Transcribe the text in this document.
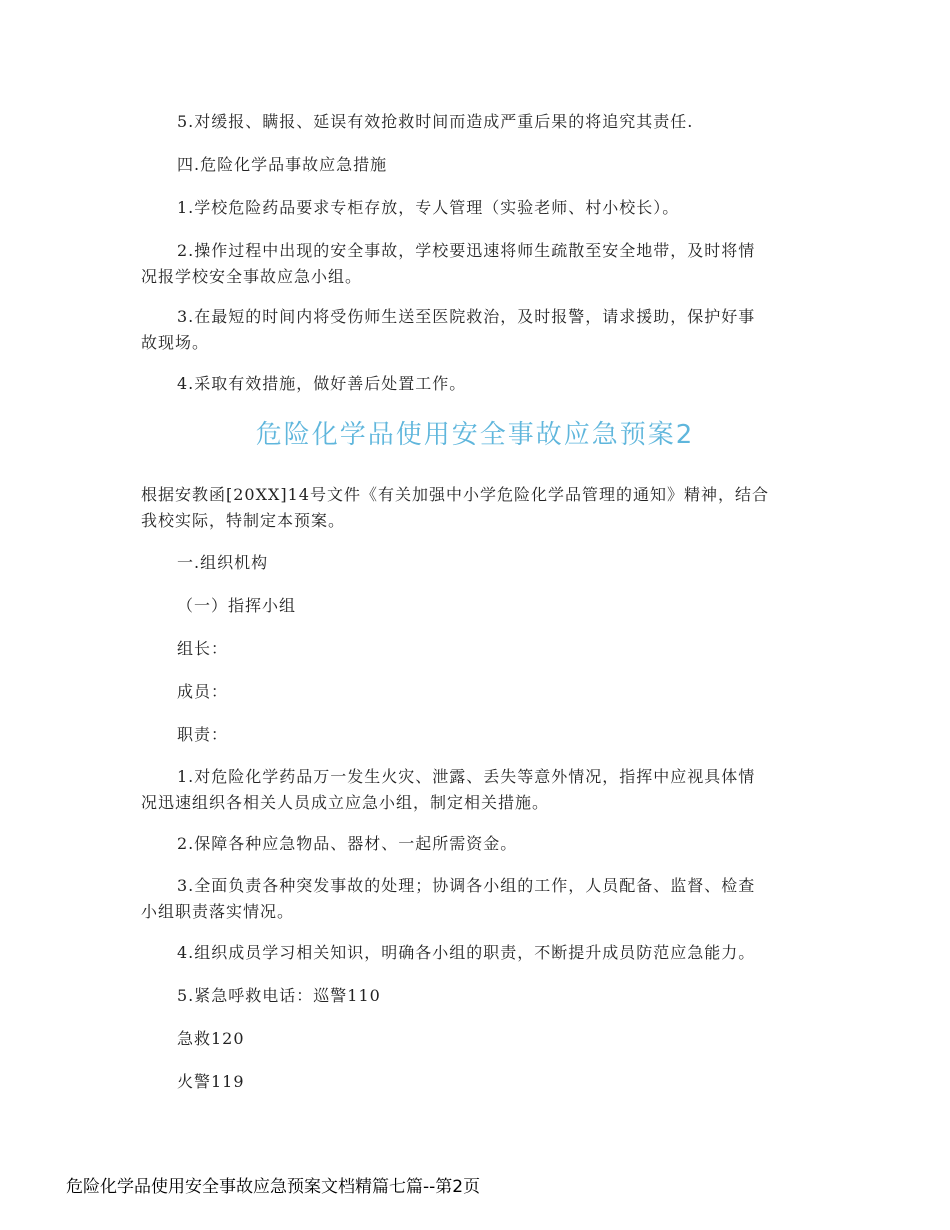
5.对缓报、瞒报、延误有效抢救时间而造成严重后果的将追究其责任.
四.危险化学品事故应急措施
1.学校危险药品要求专柜存放，专人管理（实验老师、村小校长）。
2.操作过程中出现的安全事故，学校要迅速将师生疏散至安全地带，及时将情
况报学校安全事故应急小组。
3.在最短的时间内将受伤师生送至医院救治，及时报警，请求援助，保护好事
故现场。
4.采取有效措施，做好善后处置工作。
危险化学品使用安全事故应急预案2
根据安教函[20XX]14号文件《有关加强中小学危险化学品管理的通知》精神，结合
我校实际，特制定本预案。
一.组织机构
（一）指挥小组
组长：
成员：
职责：
1.对危险化学药品万一发生火灾、泄露、丢失等意外情况，指挥中应视具体情
况迅速组织各相关人员成立应急小组，制定相关措施。
2.保障各种应急物品、器材、一起所需资金。
3.全面负责各种突发事故的处理；协调各小组的工作，人员配备、监督、检查
小组职责落实情况。
4.组织成员学习相关知识，明确各小组的职责，不断提升成员防范应急能力。
5.紧急呼救电话：巡警110
急救120
火警119
危险化学品使用安全事故应急预案文档精篇七篇--第2页
